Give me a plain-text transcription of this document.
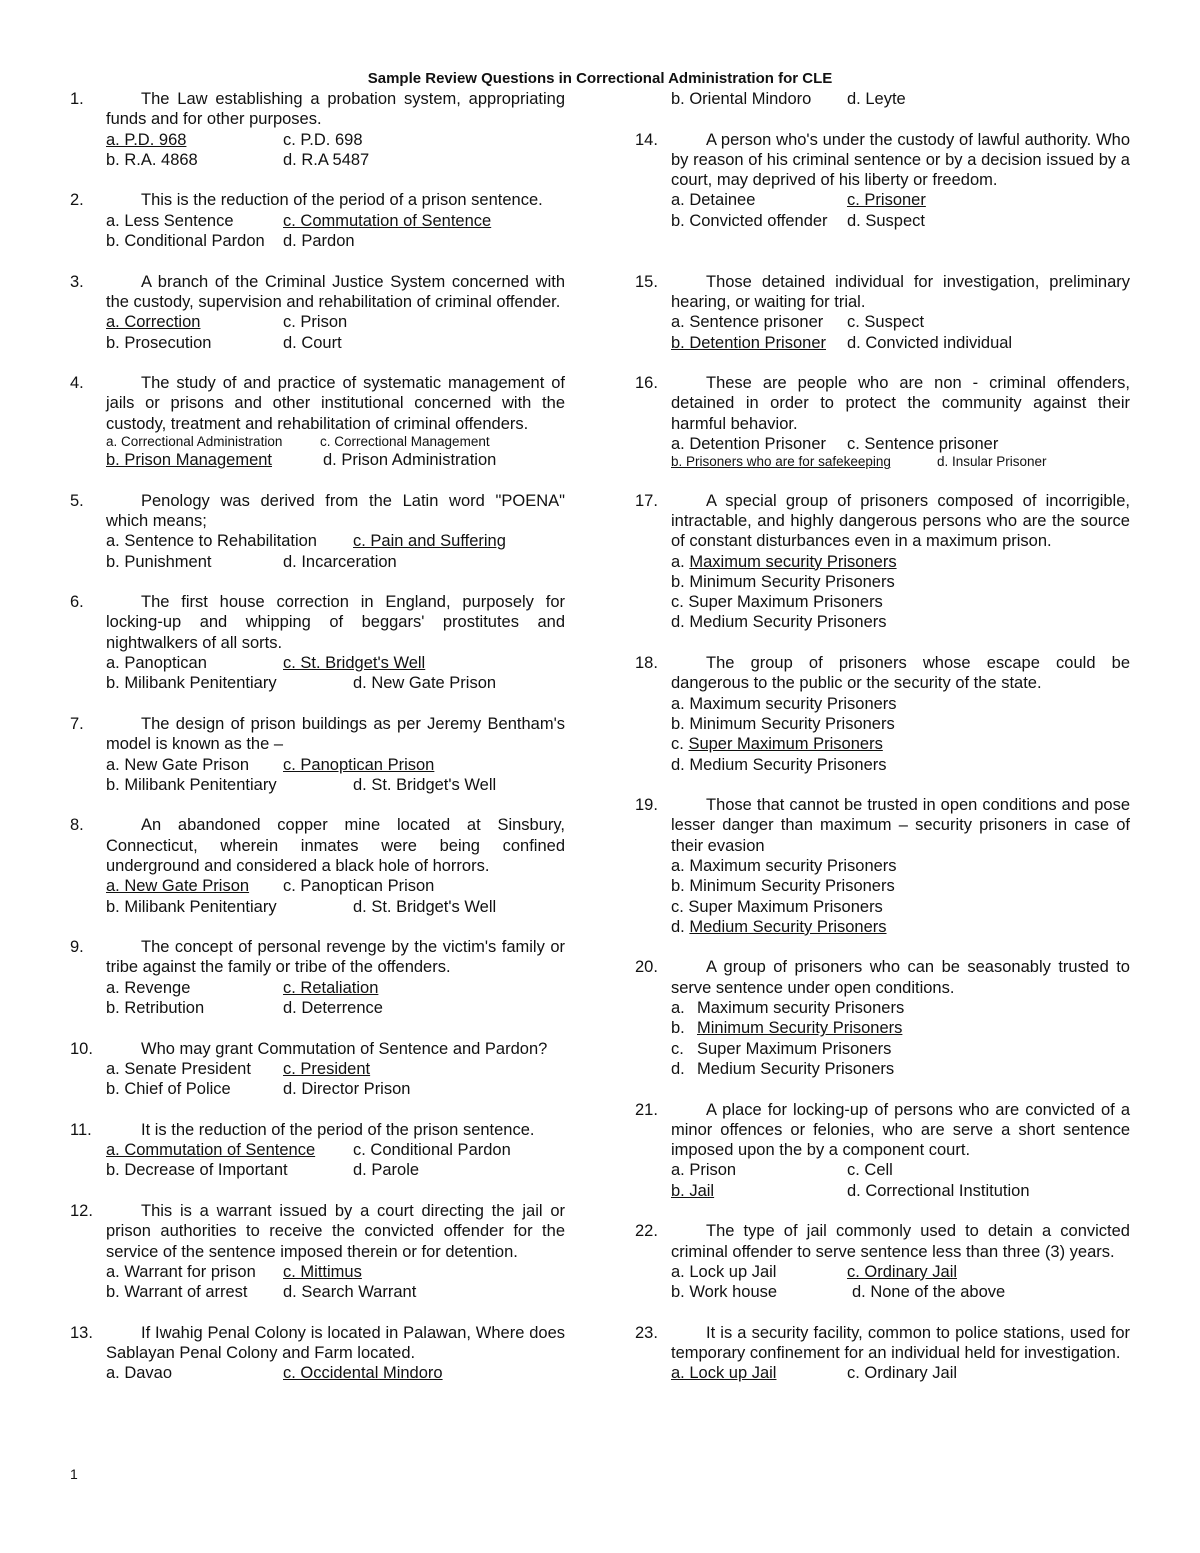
Sample Review Questions in Correctional Administration for CLE
1.	The Law establishing a probation system, appropriating funds and for other purposes.
a. P.D. 968	c. P.D. 698
b. R.A. 4868	d. R.A 5487
2.	This is the reduction of the period of a prison sentence.
a. Less Sentence	c. Commutation of Sentence
b. Conditional Pardon d. Pardon
3.	A branch of the Criminal Justice System concerned with the custody, supervision and rehabilitation of criminal offender.
a. Correction	c. Prison
b. Prosecution	d. Court
4.	The study of and practice of systematic management of jails or prisons and other institutional concerned with the custody, treatment and rehabilitation of criminal offenders.
a. Correctional Administration	c. Correctional Management
b. Prison Management	d. Prison Administration
5.	Penology was derived from the Latin word "POENA" which means;
a. Sentence to Rehabilitation c. Pain and Suffering
b. Punishment	d. Incarceration
6.	The first house correction in England, purposely for locking-up and whipping of beggars' prostitutes and nightwalkers of all sorts.
a. Panoptican	c. St. Bridget's Well
b. Milibank Penitentiary	d. New Gate Prison
7.	The design of prison buildings as per Jeremy Bentham's model is known as the –
a. New Gate Prison c. Panoptican Prison
b. Milibank Penitentiary	d. St. Bridget's Well
8.	An abandoned copper mine located at Sinsbury, Connecticut, wherein inmates were being confined underground and considered a black hole of horrors.
a. New Gate Prison c. Panoptican Prison
b. Milibank Penitentiary	d. St. Bridget's Well
9.	The concept of personal revenge by the victim's family or tribe against the family or tribe of the offenders.
a. Revenge	c. Retaliation
b. Retribution	d. Deterrence
10.	Who may grant Commutation of Sentence and Pardon?
a. Senate President c. President
b. Chief of Police	d. Director Prison
11.	It is the reduction of the period of the prison sentence.
a. Commutation of Sentence c. Conditional Pardon
b. Decrease of Important	d. Parole
12.	This is a warrant issued by a court directing the jail or prison authorities to receive the convicted offender for the service of the sentence imposed therein or for detention.
a. Warrant for prison c. Mittimus
b. Warrant of arrest d. Search Warrant
13.	If Iwahig Penal Colony is located in Palawan, Where does Sablayan Penal Colony and Farm located.
a. Davao	c. Occidental Mindoro
b. Oriental Mindoro d. Leyte
14.	A person who's under the custody of lawful authority. Who by reason of his criminal sentence or by a decision issued by a court, may deprived of his liberty or freedom.
a. Detainee	c. Prisoner
b. Convicted offender d. Suspect
15.	Those detained individual for investigation, preliminary hearing, or waiting for trial.
a. Sentence prisoner c. Suspect
b. Detention Prisoner d. Convicted individual
16.	These are people who are non - criminal offenders, detained in order to protect the community against their harmful behavior.
a. Detention Prisoner c. Sentence prisoner
b. Prisoners who are for safekeeping	d. Insular Prisoner
17.	A special group of prisoners composed of incorrigible, intractable, and highly dangerous persons who are the source of constant disturbances even in a maximum prison.
a. Maximum security Prisoners
b. Minimum Security Prisoners
c. Super Maximum Prisoners
d. Medium Security Prisoners
18.	The group of prisoners whose escape could be dangerous to the public or the security of the state.
a. Maximum security Prisoners
b. Minimum Security Prisoners
c. Super Maximum Prisoners
d. Medium Security Prisoners
19.	Those that cannot be trusted in open conditions and pose lesser danger than maximum – security prisoners in case of their evasion
a. Maximum security Prisoners
b. Minimum Security Prisoners
c. Super Maximum Prisoners
d. Medium Security Prisoners
20.	A group of prisoners who can be seasonably trusted to serve sentence under open conditions.
a. Maximum security Prisoners
b. Minimum Security Prisoners
c. Super Maximum Prisoners
d. Medium Security Prisoners
21.	A place for locking-up of persons who are convicted of a minor offences or felonies, who are serve a short sentence imposed upon the by a component court.
a. Prison	c. Cell
b. Jail	d. Correctional Institution
22.	The type of jail commonly used to detain a convicted criminal offender to serve sentence less than three (3) years.
a. Lock up Jail	c. Ordinary Jail
b. Work house	d. None of the above
23.	It is a security facility, common to police stations, used for temporary confinement for an individual held for investigation.
a. Lock up Jail	c. Ordinary Jail
1
